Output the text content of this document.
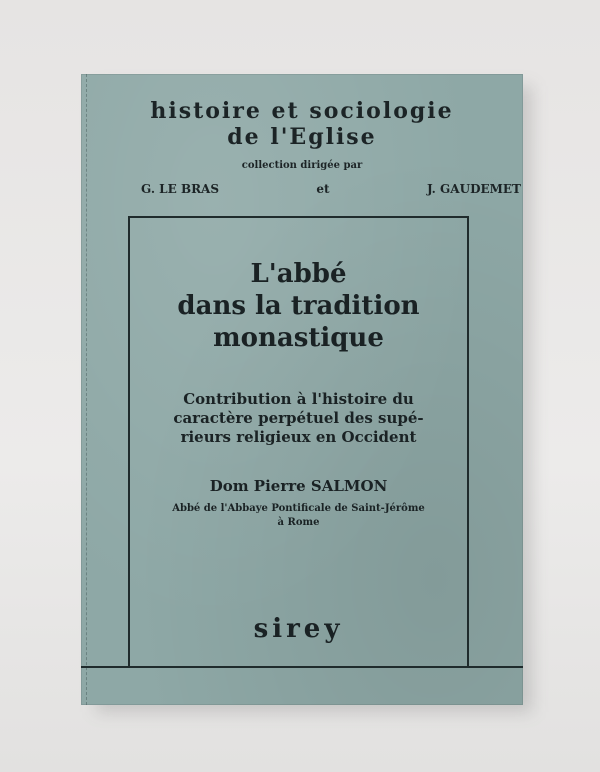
histoire et sociologie
de l'Eglise
collection dirigée par
G. LE BRAS	et	J. GAUDEMET
L'abbé
dans la tradition
monastique
Contribution à l'histoire du
caractère perpétuel des supé-
rieurs religieux en Occident
Dom Pierre SALMON
Abbé de l'Abbaye Pontificale de Saint-Jérôme
à Rome
sirey
